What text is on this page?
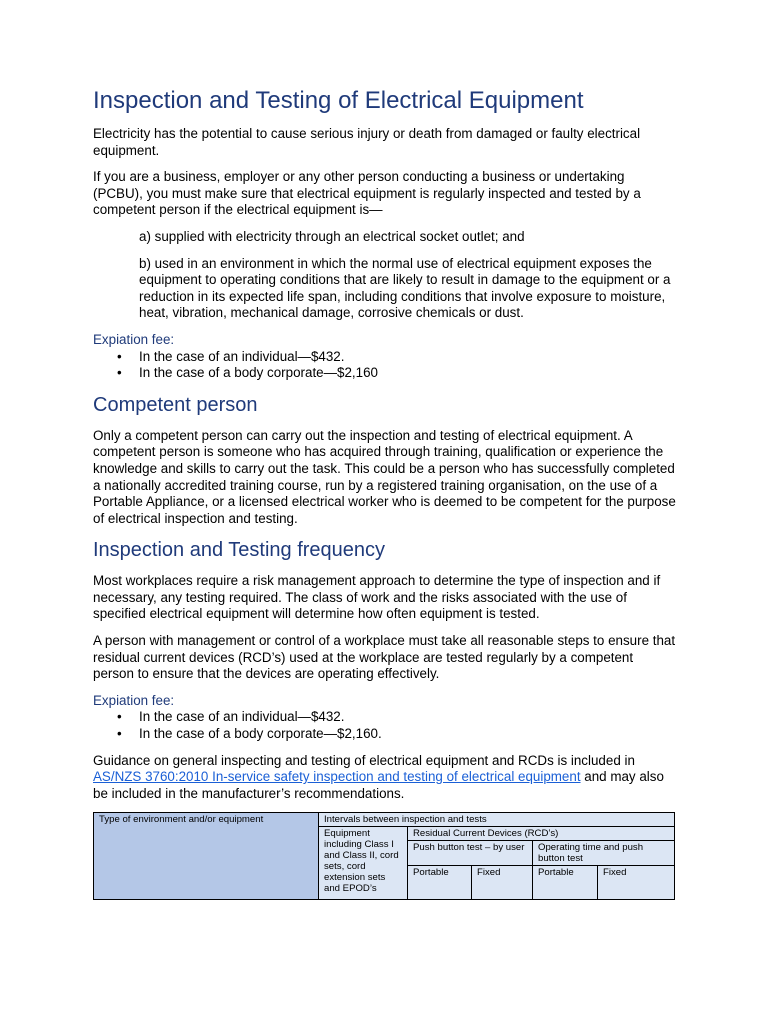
Inspection and Testing of Electrical Equipment

Electricity has the potential to cause serious injury or death from damaged or faulty electrical equipment.

If you are a business, employer or any other person conducting a business or undertaking (PCBU), you must make sure that electrical equipment is regularly inspected and tested by a competent person if the electrical equipment is—

a) supplied with electricity through an electrical socket outlet; and

b) used in an environment in which the normal use of electrical equipment exposes the equipment to operating conditions that are likely to result in damage to the equipment or a reduction in its expected life span, including conditions that involve exposure to moisture, heat, vibration, mechanical damage, corrosive chemicals or dust.

Expiation fee:
• In the case of an individual—$432.
• In the case of a body corporate—$2,160
Competent person

Only a competent person can carry out the inspection and testing of electrical equipment. A competent person is someone who has acquired through training, qualification or experience the knowledge and skills to carry out the task. This could be a person who has successfully completed a nationally accredited training course, run by a registered training organisation, on the use of a Portable Appliance, or a licensed electrical worker who is deemed to be competent for the purpose of electrical inspection and testing.

Inspection and Testing frequency

Most workplaces require a risk management approach to determine the type of inspection and if necessary, any testing required. The class of work and the risks associated with the use of specified electrical equipment will determine how often equipment is tested.

A person with management or control of a workplace must take all reasonable steps to ensure that residual current devices (RCD’s) used at the workplace are tested regularly by a competent person to ensure that the devices are operating effectively.

Expiation fee:
• In the case of an individual—$432.
• In the case of a body corporate—$2,160.

Guidance on general inspecting and testing of electrical equipment and RCDs is included in AS/NZS 3760:2010 In-service safety inspection and testing of electrical equipment and may also be included in the manufacturer’s recommendations.

Type of environment and/or equipment	Intervals between inspection and tests				
	Equipment including Class I and Class II, cord sets, cord extension sets and EPOD’s	Residual Current Devices (RCD’s)			
		Push button test – by user		Operating time and push button test	
		Portable	Fixed	Portable	Fixed
